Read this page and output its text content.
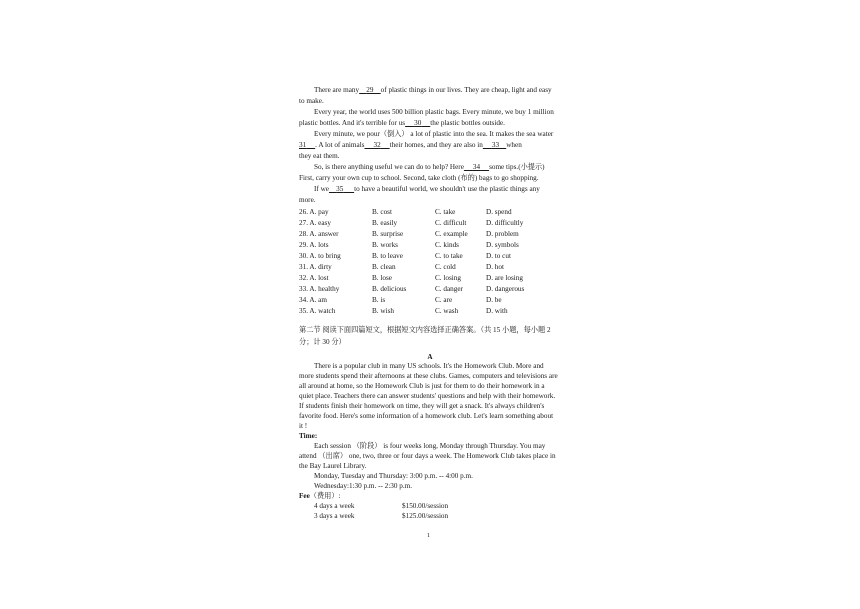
There are many 29 of plastic things in our lives. They are cheap, light and easy
to make.
Every year, the world uses 500 billion plastic bags. Every minute, we buy 1 million
plastic bottles. And it's terrible for us 30 the plastic bottles outside.
Every minute, we pour（倒入） a lot of plastic into the sea. It makes the sea water
31 . A lot of animals 32 their homes, and they are also in 33 when
they eat them.
So, is there anything useful we can do to help? Here 34 some tips.(小提示)
First, carry your own cup to school. Second, take cloth (布的) bags to go shopping.
If we 35 to have a beautiful world, we shouldn't use the plastic things any
more.
26. A. pay	B. cost	C. take	D. spend
27. A. easy	B. easily	C. difficult	D. difficultly
28. A. answer	B. surprise	C. example	D. problem
29. A. lots	B. works	C. kinds	D. symbols
30. A. to bring	B. to leave	C. to take	D. to cut
31. A. dirty	B. clean	C. cold	D. hot
32. A. lost	B. lose	C. losing	D. are losing
33. A. healthy	B. delicious	C. danger	D. dangerous
34. A. am	B. is	C. are	D. be
35. A. watch	B. wish	C. wash	D. with
第二节 阅读下面四篇短文，根据短文内容选择正确答案。（共 15 小题，每小题 2
分；计 30 分）
A
There is a popular club in many US schools. It's the Homework Club. More and
more students spend their afternoons at these clubs. Games, computers and televisions are
all around at home, so the Homework Club is just for them to do their homework in a
quiet place. Teachers there can answer students' questions and help with their homework.
If students finish their homework on time, they will get a snack. It's always children's
favorite food. Here's some information of a homework club. Let's learn something about
it !
Time:
Each session （阶段） is four weeks long, Monday through Thursday. You may
attend （出席） one, two, three or four days a week. The Homework Club takes place in
the Bay Laurel Library.
Monday, Tuesday and Thursday: 3:00 p.m. -- 4:00 p.m.
Wednesday:1:30 p.m. -- 2:30 p.m.
Fee（费用）:
4 days a week	$150.00/session
3 days a week	$125.00/session
1
